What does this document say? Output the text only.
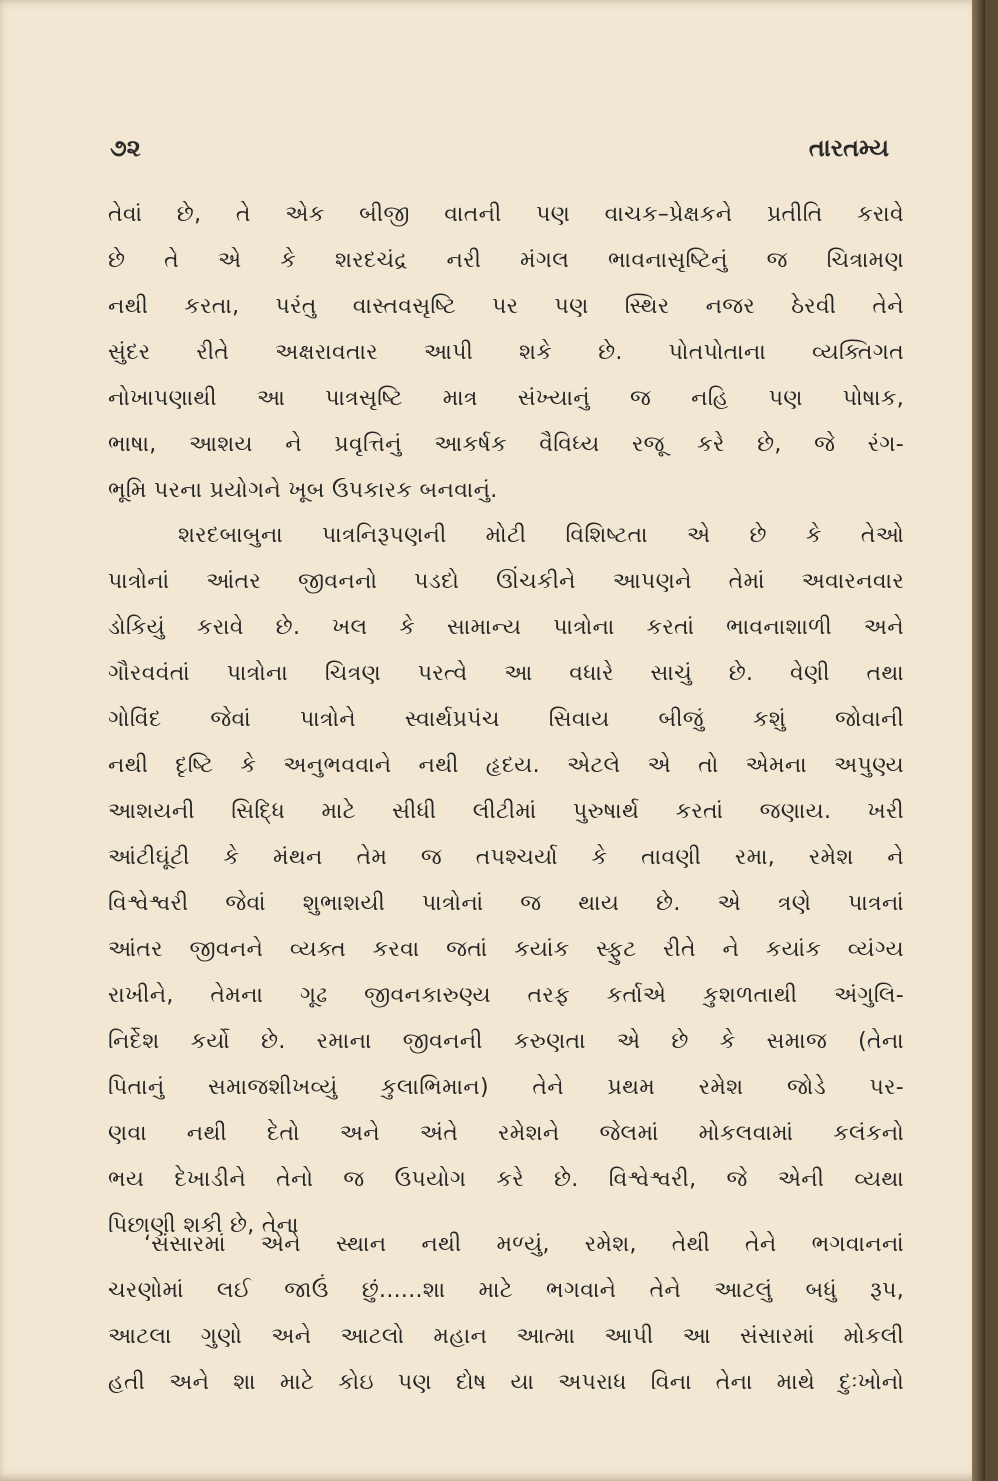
૭૨	તારતમ્ય
તેવાં છે, તે એક બીજી વાતની પણ વાચક–પ્રેક્ષકને પ્રતીતિ કરાવે
છે તે એ કે શરદચંદ્ર નરી મંગલ ભાવનાસૃષ્ટિનું જ ચિત્રામણ
નથી કરતા, પરંતુ વાસ્તવસૃષ્ટિ પર પણ સ્થિર નજર ઠેરવી તેને
સુંદર રીતે અક્ષરાવતાર આપી શકે છે. પોતપોતાના વ્યક્તિગત
નોખાપણાથી આ પાત્રસૃષ્ટિ માત્ર સંખ્યાનું જ નહિ પણ પોષાક,
ભાષા, આશય ને પ્રવૃત્તિનું આકર્ષક વૈવિધ્ય રજૂ કરે છે, જે રંગ-
ભૂમિ પરના પ્રયોગને ખૂબ ઉપકારક બનવાનું.
શરદબાબુના પાત્રનિરૂપણની મોટી વિશિષ્ટતા એ છે કે તેઓ
પાત્રોનાં આંતર જીવનનો પડદો ઊંચકીને આપણને તેમાં અવારનવાર
ડોકિયું કરાવે છે. ખલ કે સામાન્ય પાત્રોના કરતાં ભાવનાશાળી અને
ગૌરવવંતાં પાત્રોના ચિત્રણ પરત્વે આ વધારે સાચું છે. વેણી તથા
ગોવિંદ જેવાં પાત્રોને સ્વાર્થપ્રપંચ સિવાય બીજું કશું જોવાની
નથી દૃષ્ટિ કે અનુભવવાને નથી હૃદય. એટલે એ તો એમના અપુણ્ય
આશયની સિદ્ધિ માટે સીધી લીટીમાં પુરુષાર્થ કરતાં જણાય. ખરી
આંટીઘૂંટી કે મંથન તેમ જ તપશ્ચર્યા કે તાવણી રમા, રમેશ ને
વિશ્વેશ્વરી જેવાં શુભાશયી પાત્રોનાં જ થાય છે. એ ત્રણે પાત્રનાં
આંતર જીવનને વ્યક્ત કરવા જતાં કયાંક સ્ફુટ રીતે ને કયાંક વ્યંગ્ય
રાખીને, તેમના ગૂઢ જીવનકારુણ્ય તરફ કર્તાએ કુશળતાથી અંગુલિ-
નિર્દેશ કર્યો છે. રમાના જીવનની કરુણતા એ છે કે સમાજ (તેના
પિતાનું સમાજશીખવ્યું કુલાભિમાન) તેને પ્રથમ રમેશ જોડે પર-
ણવા નથી દેતો અને અંતે રમેશને જેલમાં મોકલવામાં કલંકનો
ભય દેખાડીને તેનો જ ઉપયોગ કરે છે. વિશ્વેશ્વરી, જે એની વ્યથા
પિછાણી શકી છે, તેના
‘સંસારમાં એને સ્થાન નથી મળ્યું, રમેશ, તેથી તેને ભગવાનનાં
ચરણોમાં લઈ જાઉં છું......શા માટે ભગવાને તેને આટલું બધું રૂપ,
આટલા ગુણો અને આટલો મહાન આત્મા આપી આ સંસારમાં મોકલી
હતી અને શા માટે કોઇ પણ દોષ યા અપરાધ વિના તેના માથે દુઃખોનો
